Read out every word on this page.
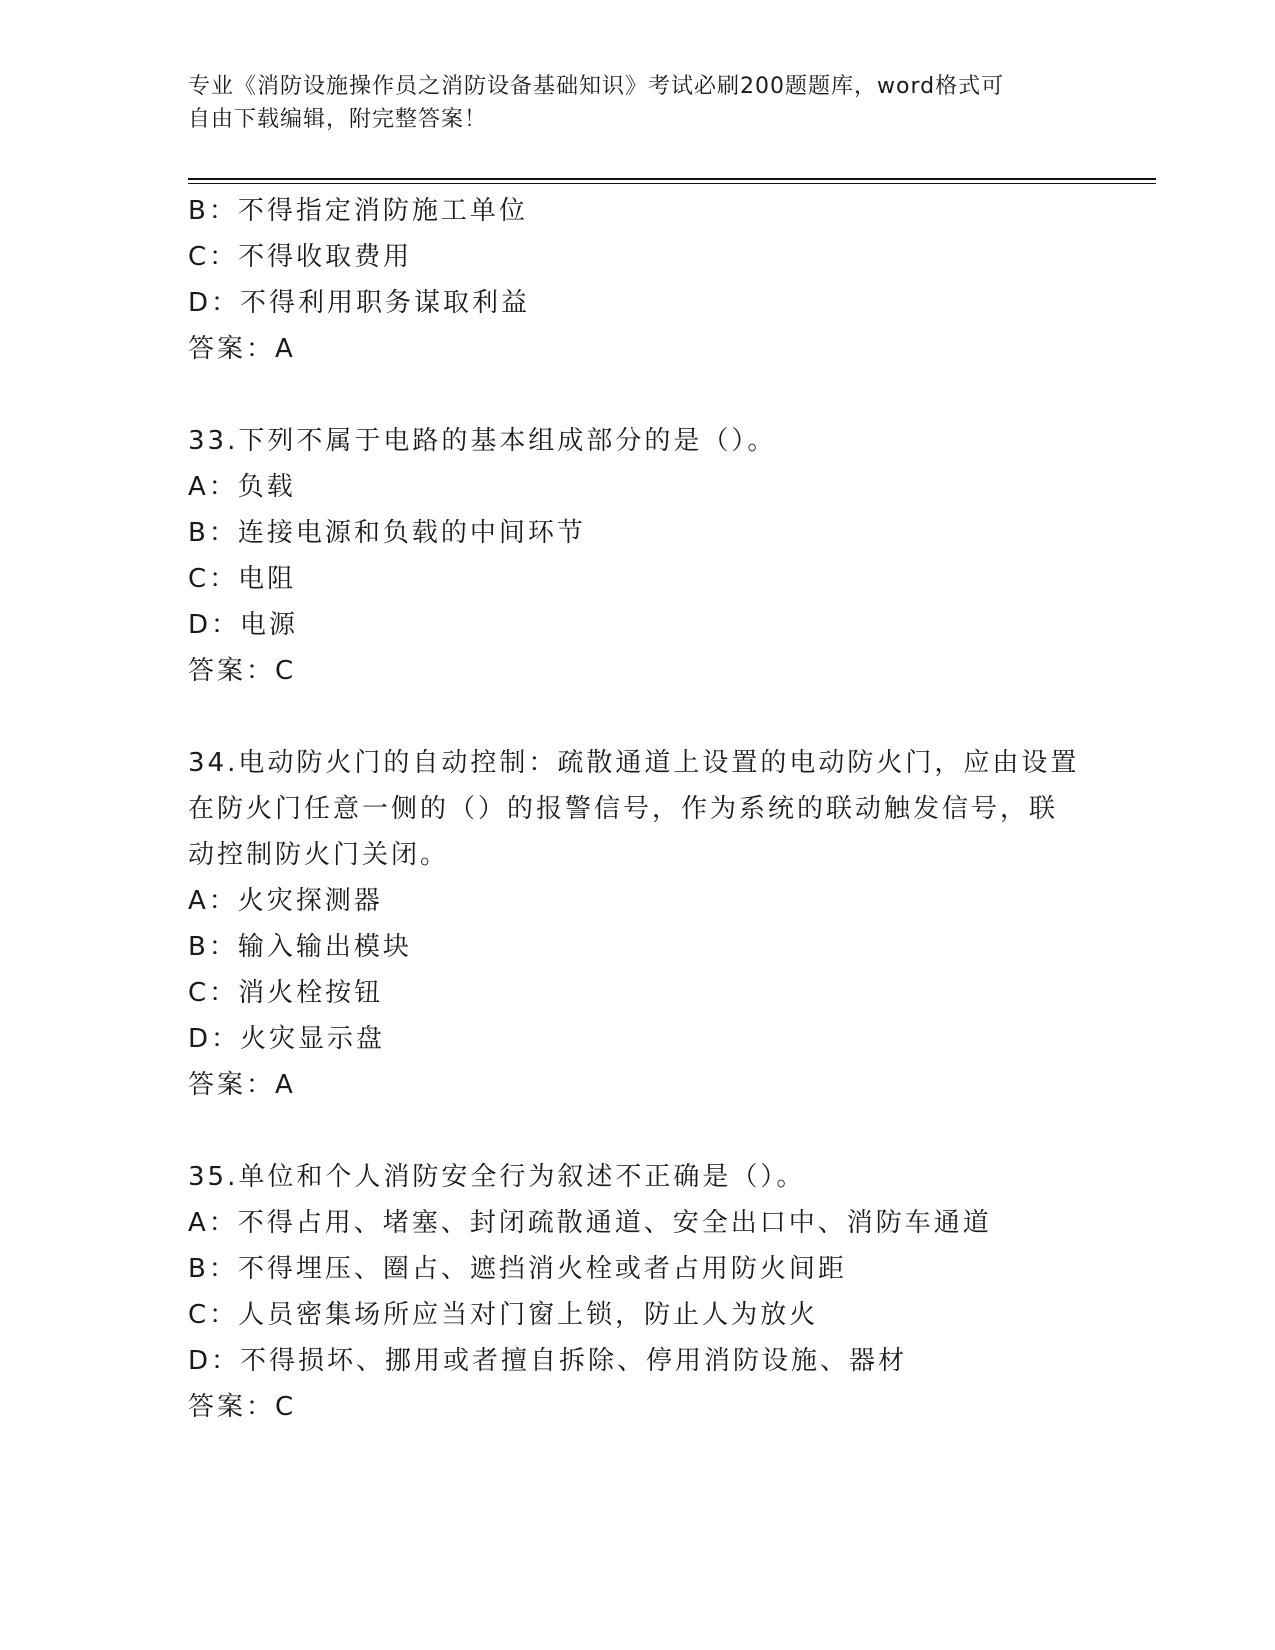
专业《消防设施操作员之消防设备基础知识》考试必刷200题题库，word格式可
自由下载编辑，附完整答案！
B：不得指定消防施工单位
C：不得收取费用
D：不得利用职务谋取利益
答案：A
33.下列不属于电路的基本组成部分的是（）。
A：负载
B：连接电源和负载的中间环节
C：电阻
D：电源
答案：C
34.电动防火门的自动控制：疏散通道上设置的电动防火门，应由设置
在防火门任意一侧的（）的报警信号，作为系统的联动触发信号，联
动控制防火门关闭。
A：火灾探测器
B：输入输出模块
C：消火栓按钮
D：火灾显示盘
答案：A
35.单位和个人消防安全行为叙述不正确是（）。
A：不得占用、堵塞、封闭疏散通道、安全出口中、消防车通道
B：不得埋压、圈占、遮挡消火栓或者占用防火间距
C：人员密集场所应当对门窗上锁，防止人为放火
D：不得损坏、挪用或者擅自拆除、停用消防设施、器材
答案：C
